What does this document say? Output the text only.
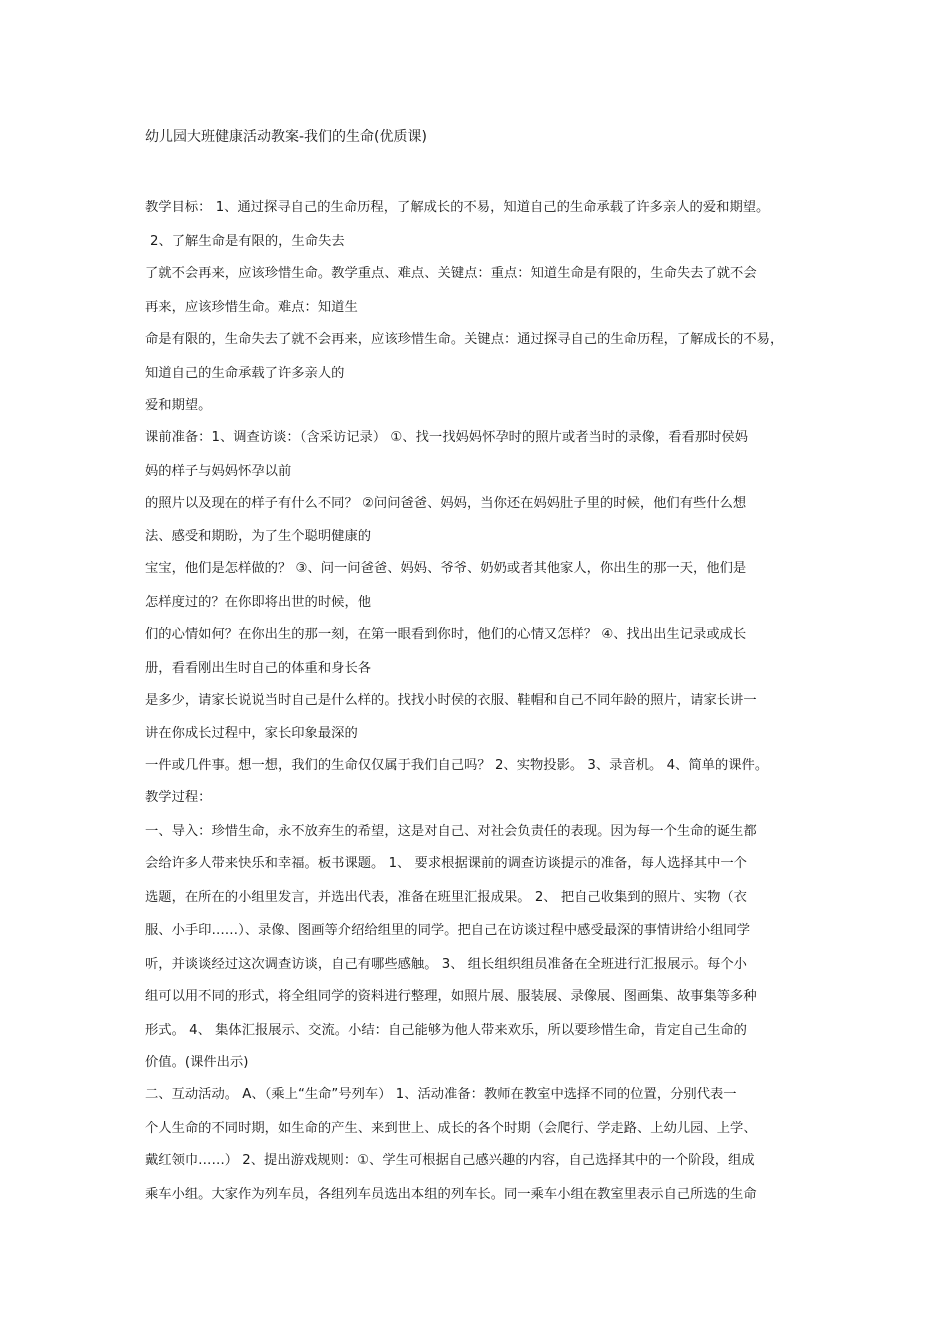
幼儿园大班健康活动教案-我们的生命(优质课)
教学目标： 1、通过探寻自己的生命历程，了解成长的不易，知道自己的生命承载了许多亲人的爱和期望。
2、了解生命是有限的，生命失去
了就不会再来，应该珍惜生命。教学重点、难点、关键点：重点：知道生命是有限的，生命失去了就不会
再来，应该珍惜生命。难点：知道生
命是有限的，生命失去了就不会再来，应该珍惜生命。关键点：通过探寻自己的生命历程，了解成长的不易，
知道自己的生命承载了许多亲人的
爱和期望。
课前准备：1、调查访谈：（含采访记录） ①、找一找妈妈怀孕时的照片或者当时的录像，看看那时侯妈
妈的样子与妈妈怀孕以前
的照片以及现在的样子有什么不同？ ②问问爸爸、妈妈，当你还在妈妈肚子里的时候，他们有些什么想
法、感受和期盼，为了生个聪明健康的
宝宝，他们是怎样做的？ ③、问一问爸爸、妈妈、爷爷、奶奶或者其他家人，你出生的那一天，他们是
怎样度过的？在你即将出世的时候，他
们的心情如何？在你出生的那一刻，在第一眼看到你时，他们的心情又怎样？ ④、找出出生记录或成长
册，看看刚出生时自己的体重和身长各
是多少，请家长说说当时自己是什么样的。找找小时侯的衣服、鞋帽和自己不同年龄的照片，请家长讲一
讲在你成长过程中，家长印象最深的
一件或几件事。想一想，我们的生命仅仅属于我们自己吗？ 2、实物投影。 3、录音机。 4、简单的课件。
教学过程：
一、导入：珍惜生命，永不放弃生的希望，这是对自己、对社会负责任的表现。因为每一个生命的诞生都
会给许多人带来快乐和幸福。板书课题。 1、 要求根据课前的调查访谈提示的准备，每人选择其中一个
选题，在所在的小组里发言，并选出代表，准备在班里汇报成果。 2、 把自己收集到的照片、实物（衣
服、小手印……）、录像、图画等介绍给组里的同学。把自己在访谈过程中感受最深的事情讲给小组同学
听，并谈谈经过这次调查访谈，自己有哪些感触。 3、 组长组织组员准备在全班进行汇报展示。每个小
组可以用不同的形式，将全组同学的资料进行整理，如照片展、服装展、录像展、图画集、故事集等多种
形式。 4、 集体汇报展示、交流。小结：自己能够为他人带来欢乐，所以要珍惜生命，肯定自己生命的
价值。(课件出示)
二、互动活动。 A、（乘上“生命”号列车） 1、活动准备：教师在教室中选择不同的位置，分别代表一
个人生命的不同时期，如生命的产生、来到世上、成长的各个时期（会爬行、学走路、上幼儿园、上学、
戴红领巾……） 2、提出游戏规则：①、学生可根据自己感兴趣的内容，自己选择其中的一个阶段，组成
乘车小组。大家作为列车员，各组列车员选出本组的列车长。同一乘车小组在教室里表示自己所选的生命
